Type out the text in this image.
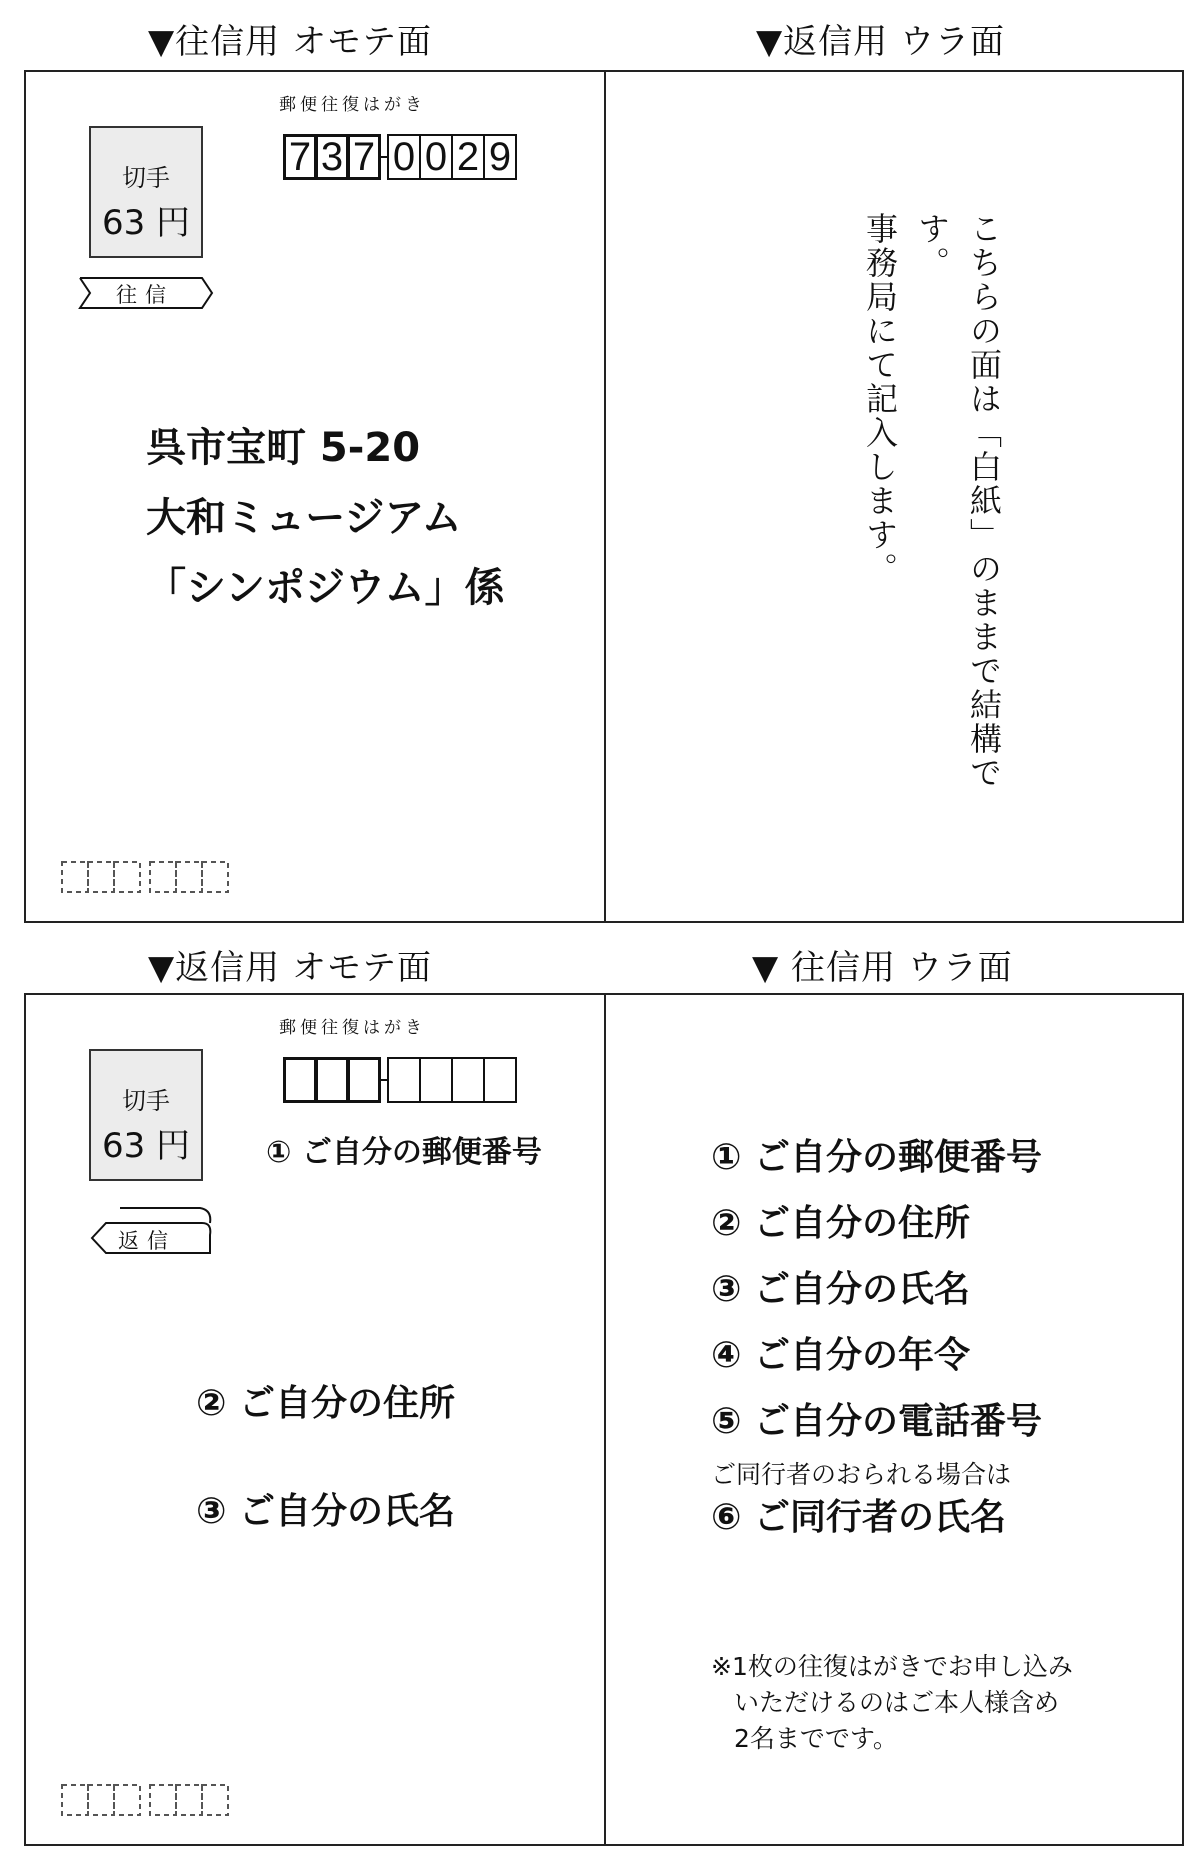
▼往信用 オモテ面	▼返信用 ウラ面
▼返信用 オモテ面	▼ 往信用 ウラ面
郵便往復はがき
切手
63 円
7 3 7 0 0 2 9
往信
呉市宝町 5-20
大和ミュージアム
「シンポジウム」係	こちらの面は「白紙」のままで結構です。
事務局にて記入します。
郵便往復はがき
切手
63 円	① ご自分の郵便番号
返信
② ご自分の住所
③ ご自分の氏名
① ご自分の郵便番号
② ご自分の住所
③ ご自分の氏名
④ ご自分の年令
⑤ ご自分の電話番号
ご同行者のおられる場合は
⑥ ご同行者の氏名
※1枚の往復はがきでお申し込み
いただけるのはご本人様含め
2名までです。
